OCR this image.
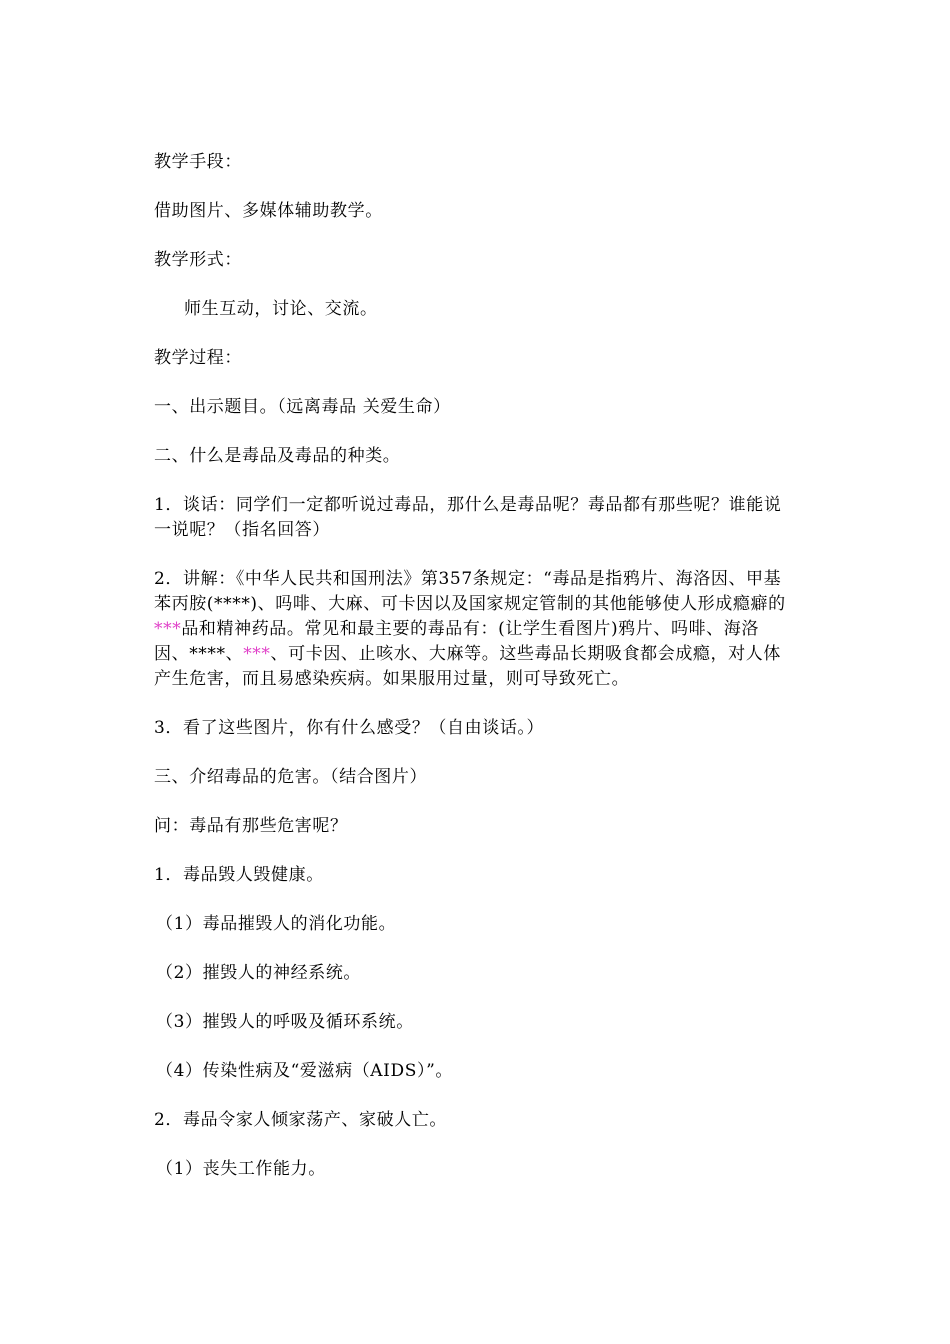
教学手段：

借助图片、多媒体辅助教学。

教学形式：

师生互动，讨论、交流。

教学过程：

一、出示题目。（远离毒品 关爱生命）

二、什么是毒品及毒品的种类。

1．谈话：同学们一定都听说过毒品，那什么是毒品呢？毒品都有那些呢？谁能说一说呢？（指名回答）

2．讲解：《中华人民共和国刑法》第357条规定：“毒品是指鸦片、海洛因、甲基苯丙胺(****)、吗啡、大麻、可卡因以及国家规定管制的其他能够使人形成瘾癖的***品和精神药品。常见和最主要的毒品有：(让学生看图片)鸦片、吗啡、海洛因、****、***、可卡因、止咳水、大麻等。这些毒品长期吸食都会成瘾，对人体产生危害，而且易感染疾病。如果服用过量，则可导致死亡。

3．看了这些图片，你有什么感受？（自由谈话。）

三、介绍毒品的危害。（结合图片）

问：毒品有那些危害呢？

1．毒品毁人毁健康。

（1）毒品摧毁人的消化功能。

（2）摧毁人的神经系统。

（3）摧毁人的呼吸及循环系统。

（4）传染性病及“爱滋病（AIDS）”。

2．毒品令家人倾家荡产、家破人亡。

（1）丧失工作能力。
